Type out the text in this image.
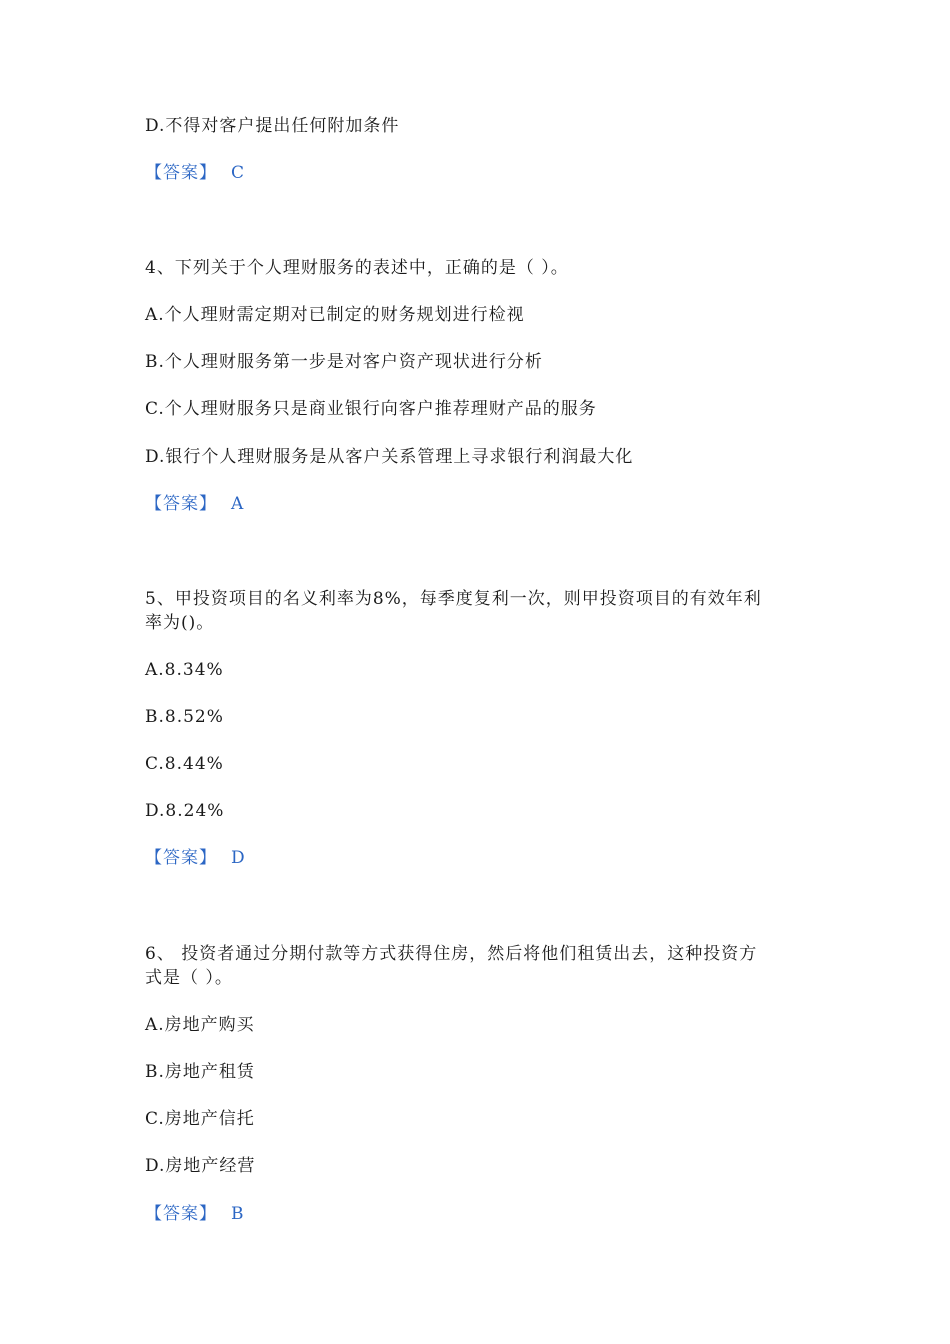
D.不得对客户提出任何附加条件
【答案】 C
4、下列关于个人理财服务的表述中，正确的是（ ）。
A.个人理财需定期对已制定的财务规划进行检视
B.个人理财服务第一步是对客户资产现状进行分析
C.个人理财服务只是商业银行向客户推荐理财产品的服务
D.银行个人理财服务是从客户关系管理上寻求银行利润最大化
【答案】 A
5、甲投资项目的名义利率为8%，每季度复利一次，则甲投资项目的有效年利
率为()。
A.8.34%
B.8.52%
C.8.44%
D.8.24%
【答案】 D
6、 投资者通过分期付款等方式获得住房，然后将他们租赁出去，这种投资方
式是（ ）。
A.房地产购买
B.房地产租赁
C.房地产信托
D.房地产经营
【答案】 B
